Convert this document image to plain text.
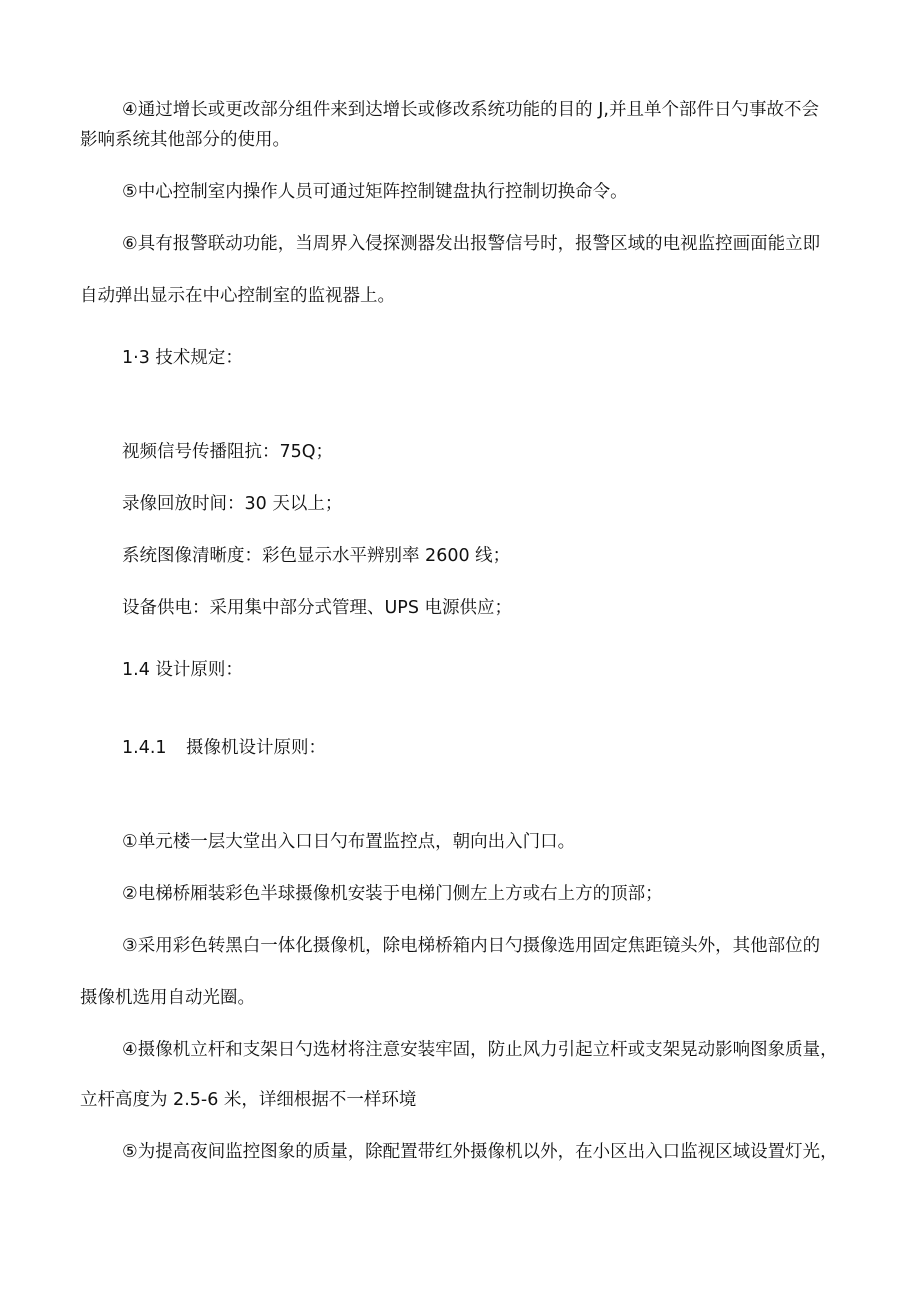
④通过增长或更改部分组件来到达增长或修改系统功能的目的 J,并且单个部件日勺事故不会
影响系统其他部分的使用。
⑤中心控制室内操作人员可通过矩阵控制键盘执行控制切换命令。
⑥具有报警联动功能，当周界入侵探测器发出报警信号时，报警区域的电视监控画面能立即
自动弹出显示在中心控制室的监视器上。
1·3 技术规定：
视频信号传播阻抗：75Q；
录像回放时间：30 天以上；
系统图像清晰度：彩色显示水平辨别率 2600 线；
设备供电：采用集中部分式管理、UPS 电源供应；
1.4 设计原则：
1.4.1 摄像机设计原则：
①单元楼一层大堂出入口日勺布置监控点，朝向出入门口。
②电梯桥厢装彩色半球摄像机安装于电梯门侧左上方或右上方的顶部；
③采用彩色转黑白一体化摄像机，除电梯桥箱内日勺摄像选用固定焦距镜头外，其他部位的
摄像机选用自动光圈。
④摄像机立杆和支架日勺选材将注意安装牢固，防止风力引起立杆或支架晃动影响图象质量，
立杆高度为 2.5-6 米，详细根据不一样环境
⑤为提高夜间监控图象的质量，除配置带红外摄像机以外，在小区出入口监视区域设置灯光，
